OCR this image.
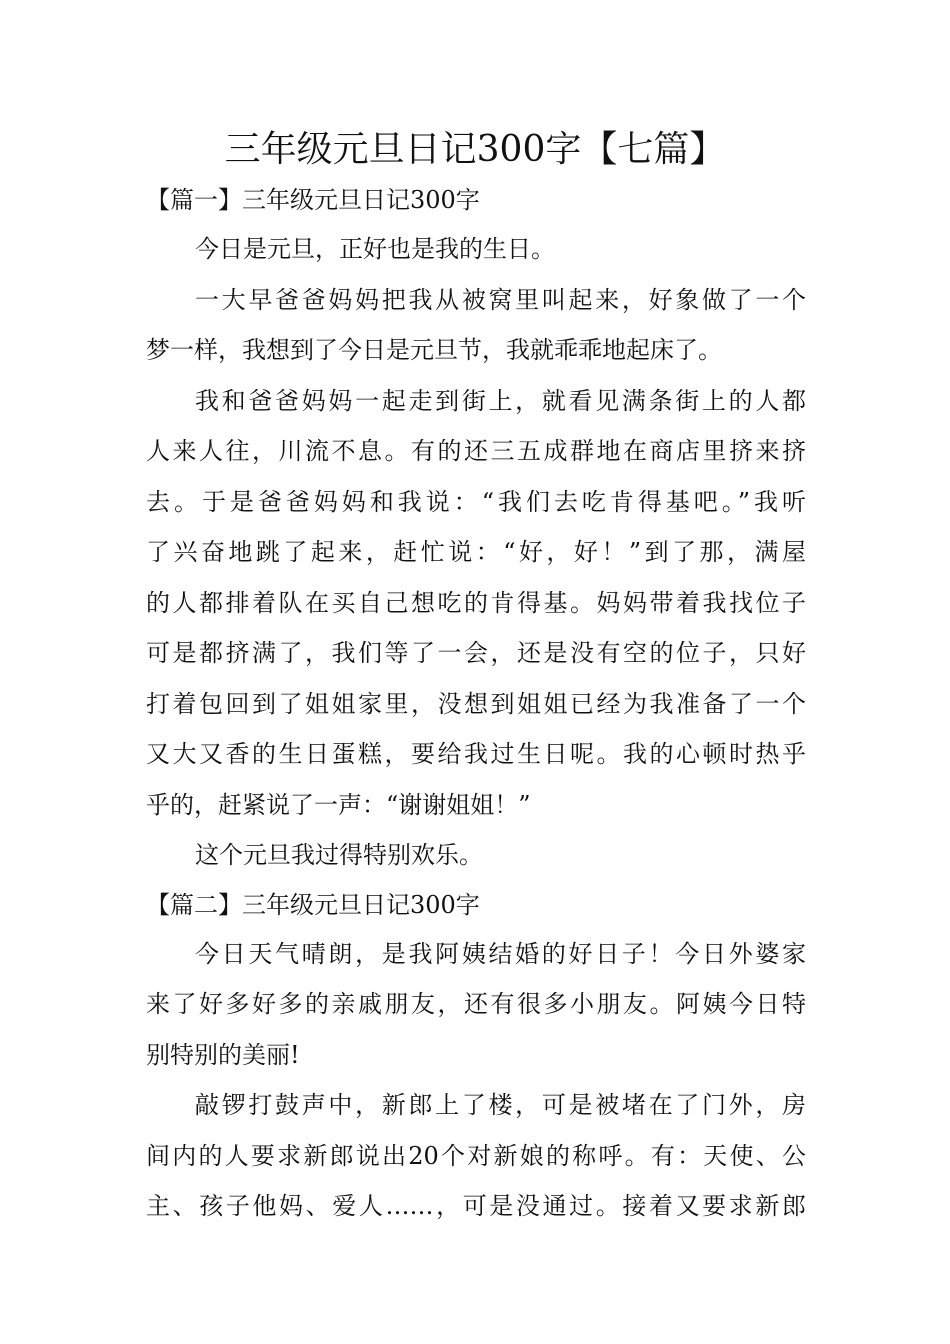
三年级元旦日记300字【七篇】
【篇一】三年级元旦日记300字
今日是元旦，正好也是我的生日。
一大早爸爸妈妈把我从被窝里叫起来，好象做了一个
梦一样，我想到了今日是元旦节，我就乖乖地起床了。
我和爸爸妈妈一起走到街上，就看见满条街上的人都
人来人往，川流不息。有的还三五成群地在商店里挤来挤
去。于是爸爸妈妈和我说：“我们去吃肯得基吧。”我听
了兴奋地跳了起来，赶忙说：“好，好！”到了那，满屋
的人都排着队在买自己想吃的肯得基。妈妈带着我找位子
可是都挤满了，我们等了一会，还是没有空的位子，只好
打着包回到了姐姐家里，没想到姐姐已经为我准备了一个
又大又香的生日蛋糕，要给我过生日呢。我的心顿时热乎
乎的，赶紧说了一声：“谢谢姐姐！”
这个元旦我过得特别欢乐。
【篇二】三年级元旦日记300字
今日天气晴朗，是我阿姨结婚的好日子！今日外婆家
来了好多好多的亲戚朋友，还有很多小朋友。阿姨今日特
别特别的美丽!
敲锣打鼓声中，新郎上了楼，可是被堵在了门外，房
间内的人要求新郎说出20个对新娘的称呼。有：天使、公
主、孩子他妈、爱人……，可是没通过。接着又要求新郎
